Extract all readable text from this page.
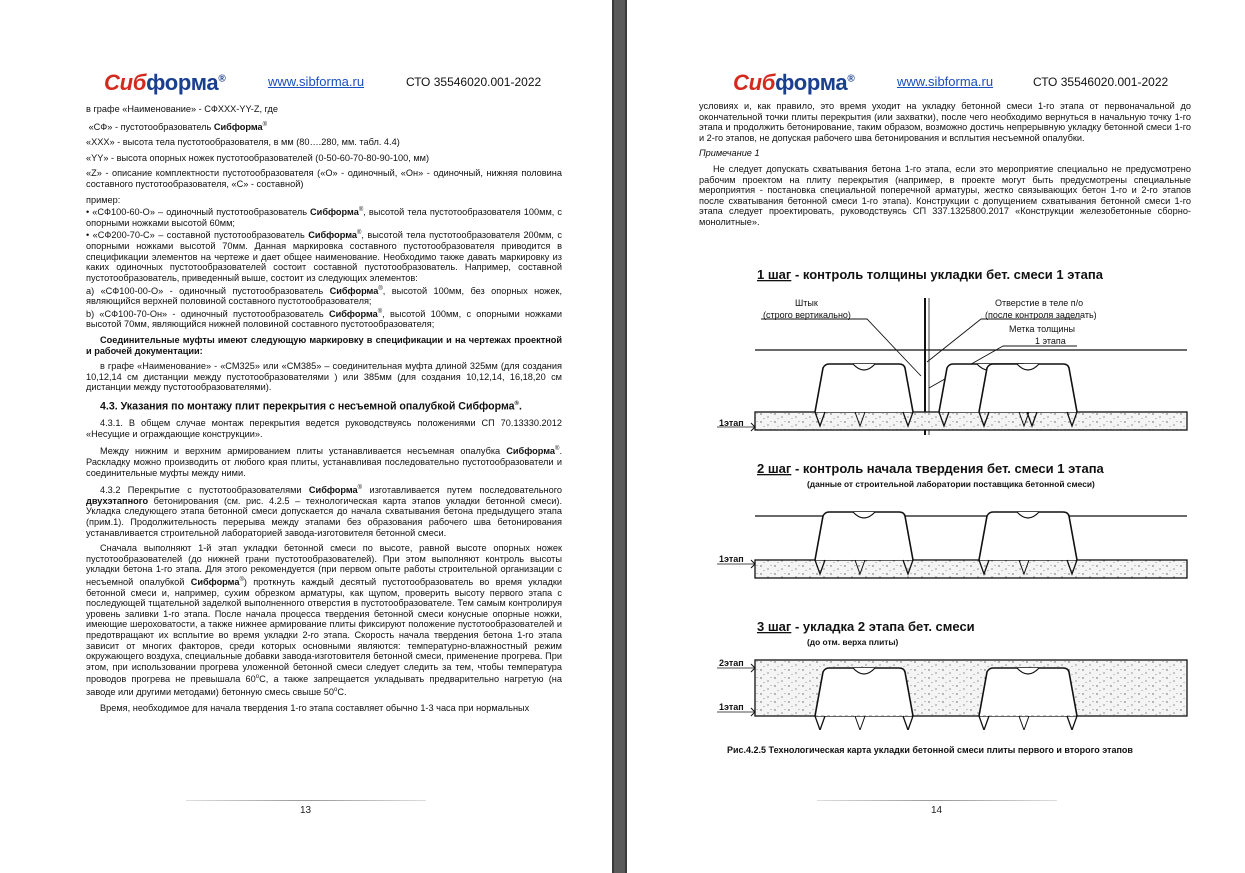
Сибформа®	www.sibforma.ru	СТО 35546020.001-2022

в графе «Наименование» - СФXXX-YY-Z, где

«СФ» - пустотообразователь Сибформа®

«XXX» - высота тела пустотообразователя, в мм (80….280, мм. табл. 4.4)

«YY» - высота опорных ножек пустотообразователей (0-50-60-70-80-90-100, мм)

«Z» - описание комплектности пустотообразователя («О» - одиночный, «Он» - одиночный, нижняя половина составного пустотообразователя, «С» - составной)

пример:

• «СФ100-60-О» – одиночный пустотообразователь Сибформа®, высотой тела пустотообразователя 100мм, с опорными ножками высотой 60мм;

• «СФ200-70-С» – составной пустотообразователь Сибформа®, высотой тела пустотообразователя 200мм, с опорными ножками высотой 70мм. Данная маркировка составного пустотообразователя приводится в спецификации элементов на чертеже и дает общее наименование. Необходимо также давать маркировку из каких одиночных пустотообразователей состоит составной пустотообразователь. Например, составной пустотообразователь, приведенный выше, состоит из следующих элементов:

a) «СФ100-00-О» - одиночный пустотообразователь Сибформа®, высотой 100мм, без опорных ножек, являющийся верхней половиной составного пустотообразователя;

b) «СФ100-70-Он» - одиночный пустотообразователь Сибформа®, высотой 100мм, с опорными ножками высотой 70мм, являющийся нижней половиной составного пустотообразователя;

Соединительные муфты имеют следующую маркировку в спецификации и на чертежах проектной и рабочей документации:

в графе «Наименование» - «СМ325» или «СМ385» – соединительная муфта длиной 325мм (для создания 10,12,14 см дистанции между пустотообразователями ) или 385мм (для создания 10,12,14, 16,18,20 см дистанции между пустотообразователями).

4.3. Указания по монтажу плит перекрытия с несъемной опалубкой Сибформа®.

4.3.1. В общем случае монтаж перекрытия ведется руководствуясь положениями СП 70.13330.2012 «Несущие и ограждающие конструкции».

Между нижним и верхним армированием плиты устанавливается несъемная опалубка Сибформа®. Раскладку можно производить от любого края плиты, устанавливая последовательно пустотообразователи и соединительные муфты между ними.

4.3.2 Перекрытие с пустотообразователями Сибформа® изготавливается путем последовательного двухэтапного бетонирования (см. рис. 4.2.5 – технологическая карта этапов укладки бетонной смеси). Укладка следующего этапа бетонной смеси допускается до начала схватывания бетона предыдущего этапа (прим.1). Продолжительность перерыва между этапами без образования рабочего шва бетонирования устанавливается строительной лабораторией завода-изготовителя бетонной смеси.

Сначала выполняют 1-й этап укладки бетонной смеси по высоте, равной высоте опорных ножек пустотообразователей (до нижней грани пустотообразователей). При этом выполняют контроль высоты укладки бетона 1-го этапа. Для этого рекомендуется (при первом опыте работы строительной организации с несъемной опалубкой Сибформа®) проткнуть каждый десятый пустотообразователь во время укладки бетонной смеси и, например, сухим обрезком арматуры, как щупом, проверить высоту первого этапа с последующей тщательной заделкой выполненного отверстия в пустотообразователе. Тем самым контролируя уровень заливки 1-го этапа. После начала процесса твердения бетонной смеси конусные опорные ножки, имеющие шероховатости, а также нижнее армирование плиты фиксируют положение пустотообразователей и предотвращают их всплытие во время укладки 2-го этапа. Скорость начала твердения бетона 1-го этапа зависит от многих факторов, среди которых основными являются: температурно-влажностный режим окружающего воздуха, специальные добавки завода-изготовителя бетонной смеси, применение прогрева. При этом, при использовании прогрева уложенной бетонной смеси следует следить за тем, чтобы температура проводов прогрева не превышала $60^оС$, а также запрещается укладывать предварительно нагретую (на заводе или другими методами) бетонную смесь свыше $50^оС$.

Время, необходимое для начала твердения 1-го этапа составляет обычно 1-3 часа при нормальных

13
Сибформа®	www.sibforma.ru	СТО 35546020.001-2022

условиях и, как правило, это время уходит на укладку бетонной смеси 1-го этапа от первоначальной до окончательной точки плиты перекрытия (или захватки), после чего необходимо вернуться в начальную точку 1-го этапа и продолжить бетонирование, таким образом, возможно достичь непрерывную укладку бетонной смеси 1-го и 2-го этапов, не допуская рабочего шва бетонирования и всплытия несъемной опалубки.

Примечание 1

Не следует допускать схватывания бетона 1-го этапа, если это мероприятие специально не предусмотрено рабочим проектом на плиту перекрытия (например, в проекте могут быть предусмотрены специальные мероприятия - постановка специальной поперечной арматуры, жестко связывающих бетон 1-го и 2-го этапов после схватывания бетонной смеси 1-го этапа). Конструкции с допущением схватывания бетонной смеси 1-го этапа следует проектировать, руководствуясь СП 337.1325800.2017 «Конструкции железобетонные сборно-монолитные».

1 шаг - контроль толщины укладки бет. смеси 1 этапа
Штык
(строго вертикально)
Отверстие в теле п/о
(после контроля заделать)
Метка толщины
1 этапа
1этап
2 шаг - контроль начала твердения бет. смеси 1 этапа
(данные от строительной лаборатории поставщика бетонной смеси)
1этап
3 шаг - укладка 2 этапа бет. смеси
(до отм. верха плиты)
2этап
1этап
Рис.4.2.5 Технологическая карта укладки бетонной смеси плиты первого и второго этапов
14
